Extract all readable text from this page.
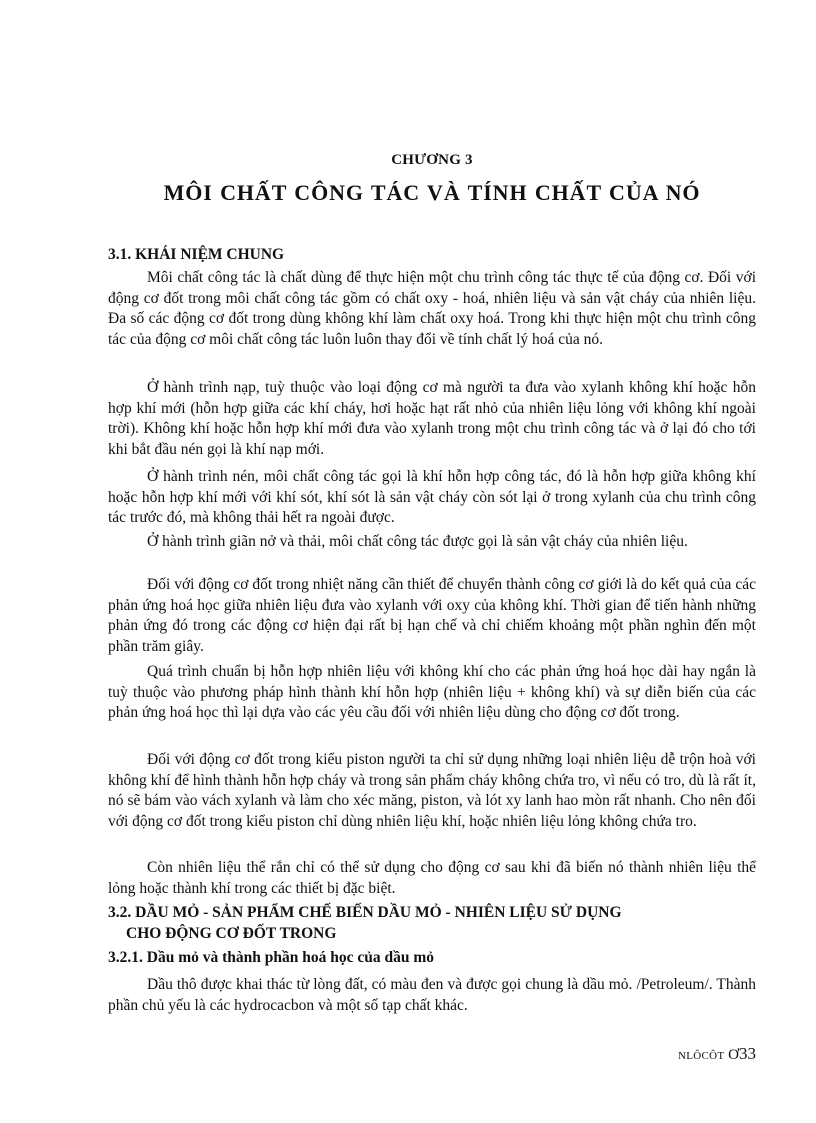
CHƯƠNG 3
MÔI CHẤT CÔNG TÁC VÀ TÍNH CHẤT CỦA NÓ
3.1. KHÁI NIỆM CHUNG

Môi chất công tác là chất dùng để thực hiện một chu trình công tác thực tế của động cơ. Đối với động cơ đốt trong môi chất công tác gồm có chất oxy - hoá, nhiên liệu và sản vật cháy của nhiên liệu. Đa số các động cơ đốt trong dùng không khí làm chất oxy hoá. Trong khi thực hiện một chu trình công tác của động cơ môi chất công tác luôn luôn thay đổi về tính chất lý hoá của nó.

Ở hành trình nạp, tuỳ thuộc vào loại động cơ mà người ta đưa vào xylanh không khí hoặc hỗn hợp khí mới (hỗn hợp giữa các khí cháy, hơi hoặc hạt rất nhỏ của nhiên liệu lỏng với không khí ngoài trời). Không khí hoặc hỗn hợp khí mới đưa vào xylanh trong một chu trình công tác và ở lại đó cho tới khi bắt đầu nén gọi là khí nạp mới.

Ở hành trình nén, môi chất công tác gọi là khí hỗn hợp công tác, đó là hỗn hợp giữa không khí hoặc hỗn hợp khí mới với khí sót, khí sót là sản vật cháy còn sót lại ở trong xylanh của chu trình công tác trước đó, mà không thải hết ra ngoài được.

Ở hành trình giãn nở và thải, môi chất công tác được gọi là sản vật cháy của nhiên liệu.

Đối với động cơ đốt trong nhiệt năng cần thiết để chuyển thành công cơ giới là do kết quả của các phản ứng hoá học giữa nhiên liệu đưa vào xylanh với oxy của không khí. Thời gian để tiến hành những phản ứng đó trong các động cơ hiện đại rất bị hạn chế và chỉ chiếm khoảng một phần nghìn đến một phần trăm giây.

Quá trình chuẩn bị hỗn hợp nhiên liệu với không khí cho các phản ứng hoá học dài hay ngắn là tuỳ thuộc vào phương pháp hình thành khí hỗn hợp (nhiên liệu + không khí) và sự diễn biến của các phản ứng hoá học thì lại dựa vào các yêu cầu đối với nhiên liệu dùng cho động cơ đốt trong.

Đối với động cơ đốt trong kiểu piston người ta chỉ sử dụng những loại nhiên liệu dễ trộn hoà với không khí để hình thành hỗn hợp cháy và trong sản phẩm cháy không chứa tro, vì nếu có tro, dù là rất ít, nó sẽ bám vào vách xylanh và làm cho xéc măng, piston, và lót xy lanh hao mòn rất nhanh. Cho nên đối với động cơ đốt trong kiểu piston chỉ dùng nhiên liệu khí, hoặc nhiên liệu lỏng không chứa tro.

Còn nhiên liệu thể rắn chỉ có thể sử dụng cho động cơ sau khi đã biến nó thành nhiên liệu thể lỏng hoặc thành khí trong các thiết bị đặc biệt.

3.2. DẦU MỎ - SẢN PHẨM CHẾ BIẾN DẦU MỎ - NHIÊN LIỆU SỬ DỤNG
CHO ĐỘNG CƠ ĐỐT TRONG
3.2.1. Dầu mỏ và thành phần hoá học của dầu mỏ

Dầu thô được khai thác từ lòng đất, có màu đen và được gọi chung là dầu mỏ. /Petroleum/. Thành phần chủ yếu là các hydrocacbon và một số tạp chất khác.

NLÔCÔT Ơ33
